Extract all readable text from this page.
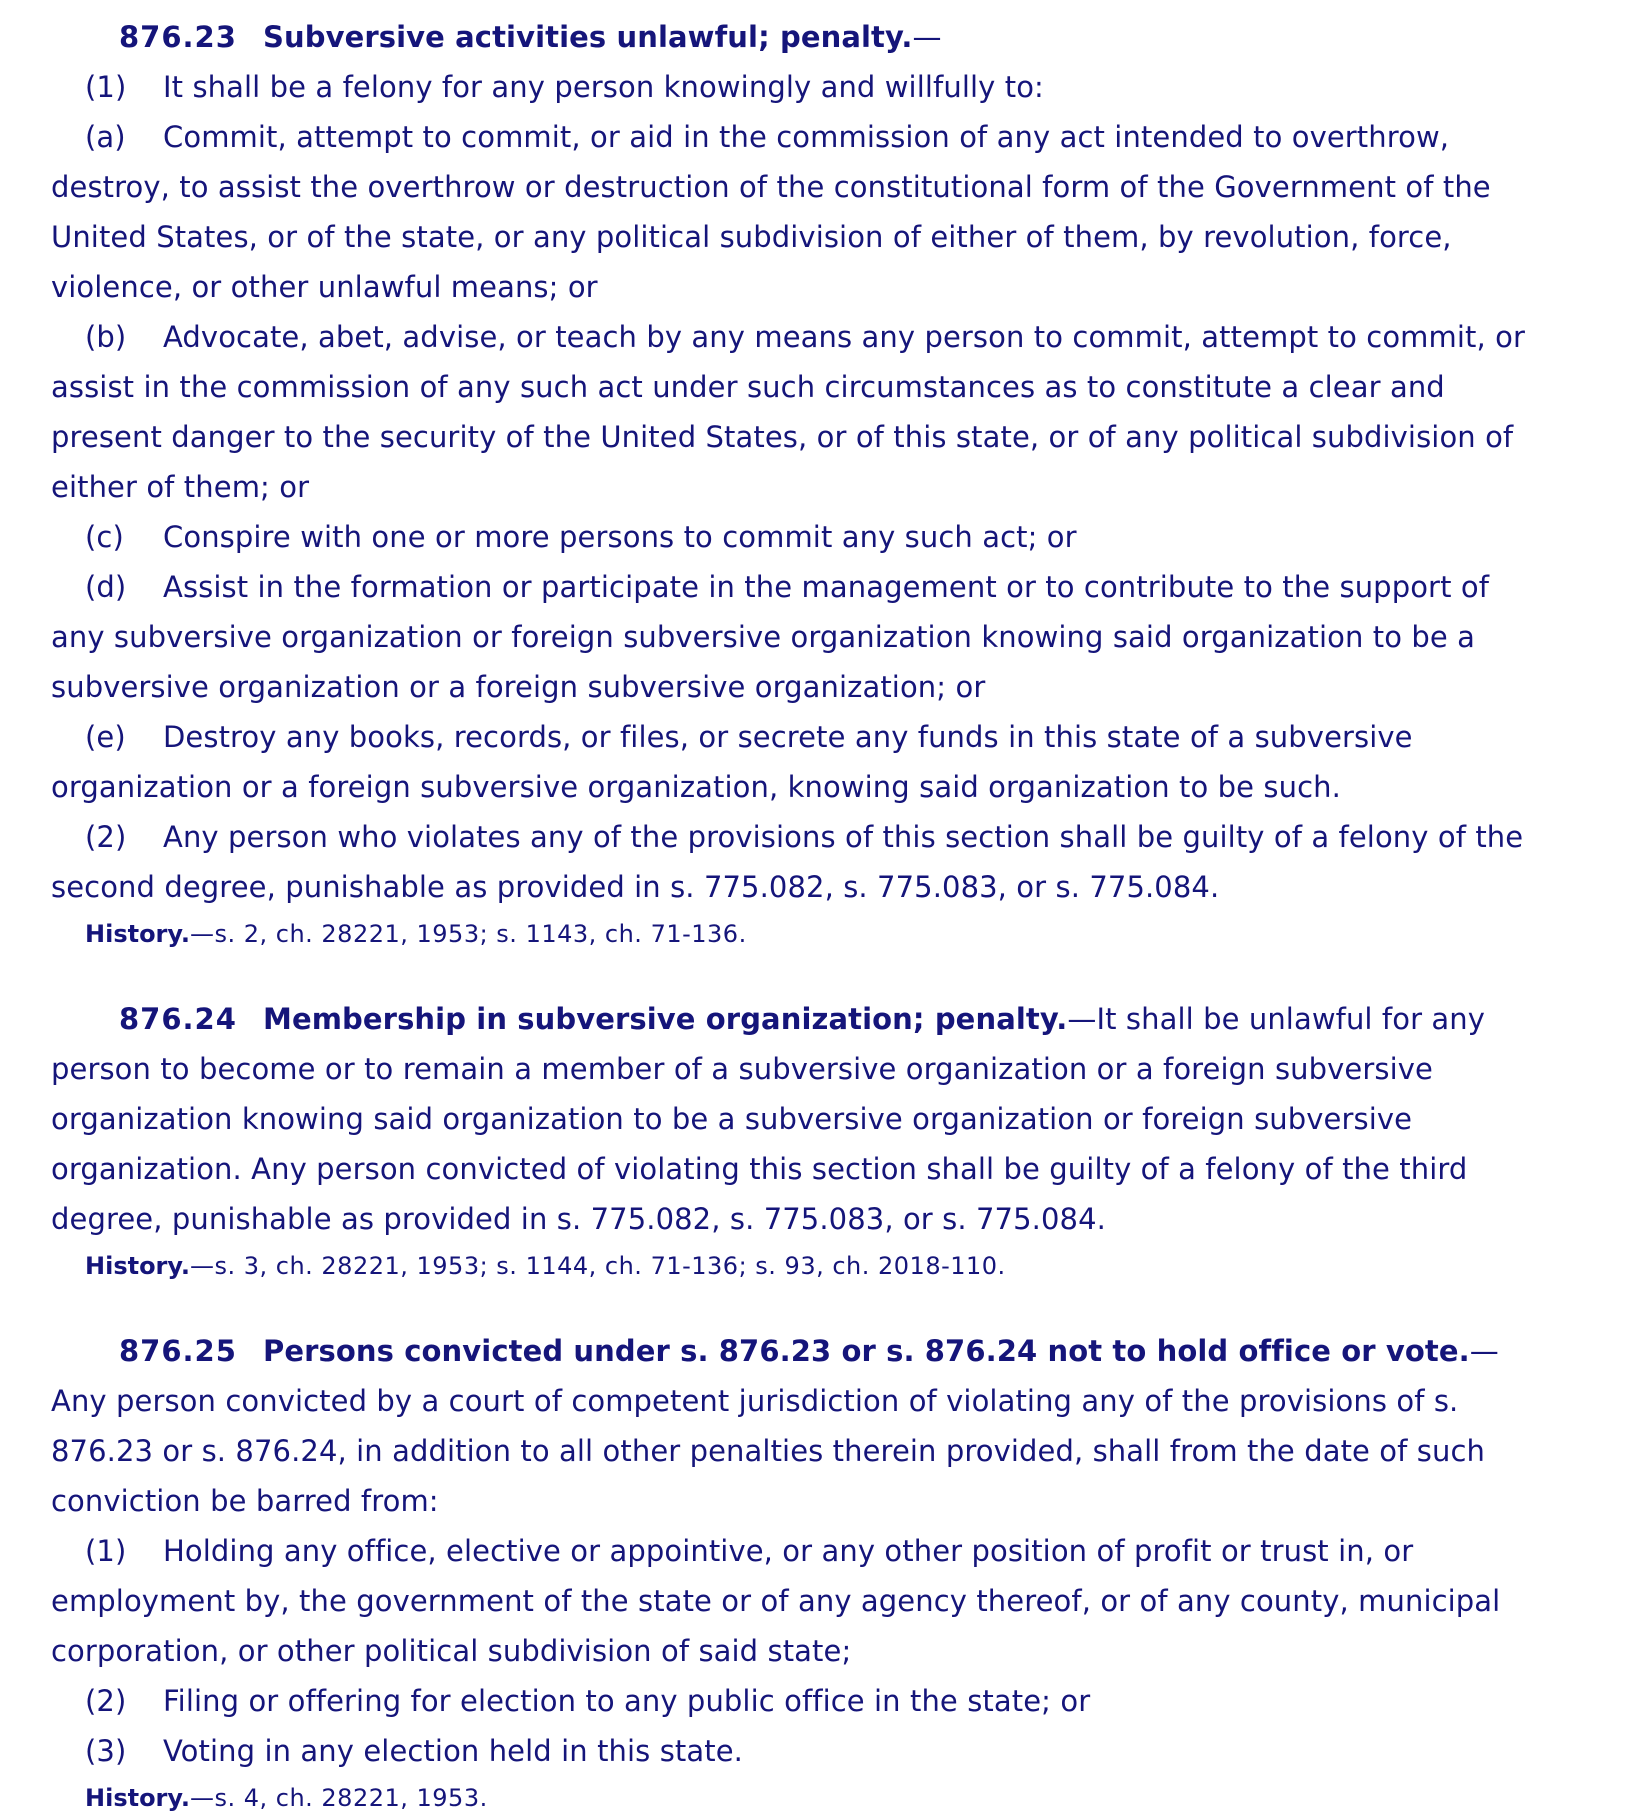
876.23 Subversive activities unlawful; penalty.—

(1) It shall be a felony for any person knowingly and willfully to:

(a) Commit, attempt to commit, or aid in the commission of any act intended to overthrow, destroy, to assist the overthrow or destruction of the constitutional form of the Government of the United States, or of the state, or any political subdivision of either of them, by revolution, force, violence, or other unlawful means; or

(b) Advocate, abet, advise, or teach by any means any person to commit, attempt to commit, or assist in the commission of any such act under such circumstances as to constitute a clear and present danger to the security of the United States, or of this state, or of any political subdivision of either of them; or

(c) Conspire with one or more persons to commit any such act; or

(d) Assist in the formation or participate in the management or to contribute to the support of any subversive organization or foreign subversive organization knowing said organization to be a subversive organization or a foreign subversive organization; or

(e) Destroy any books, records, or files, or secrete any funds in this state of a subversive organization or a foreign subversive organization, knowing said organization to be such.

(2) Any person who violates any of the provisions of this section shall be guilty of a felony of the second degree, punishable as provided in s. 775.082, s. 775.083, or s. 775.084.

History.—s. 2, ch. 28221, 1953; s. 1143, ch. 71-136.

876.24 Membership in subversive organization; penalty.—It shall be unlawful for any person to become or to remain a member of a subversive organization or a foreign subversive organization knowing said organization to be a subversive organization or foreign subversive organization. Any person convicted of violating this section shall be guilty of a felony of the third degree, punishable as provided in s. 775.082, s. 775.083, or s. 775.084.

History.—s. 3, ch. 28221, 1953; s. 1144, ch. 71-136; s. 93, ch. 2018-110.

876.25 Persons convicted under s. 876.23 or s. 876.24 not to hold office or vote.—Any person convicted by a court of competent jurisdiction of violating any of the provisions of s. 876.23 or s. 876.24, in addition to all other penalties therein provided, shall from the date of such conviction be barred from:

(1) Holding any office, elective or appointive, or any other position of profit or trust in, or employment by, the government of the state or of any agency thereof, or of any county, municipal corporation, or other political subdivision of said state;

(2) Filing or offering for election to any public office in the state; or

(3) Voting in any election held in this state.

History.—s. 4, ch. 28221, 1953.
